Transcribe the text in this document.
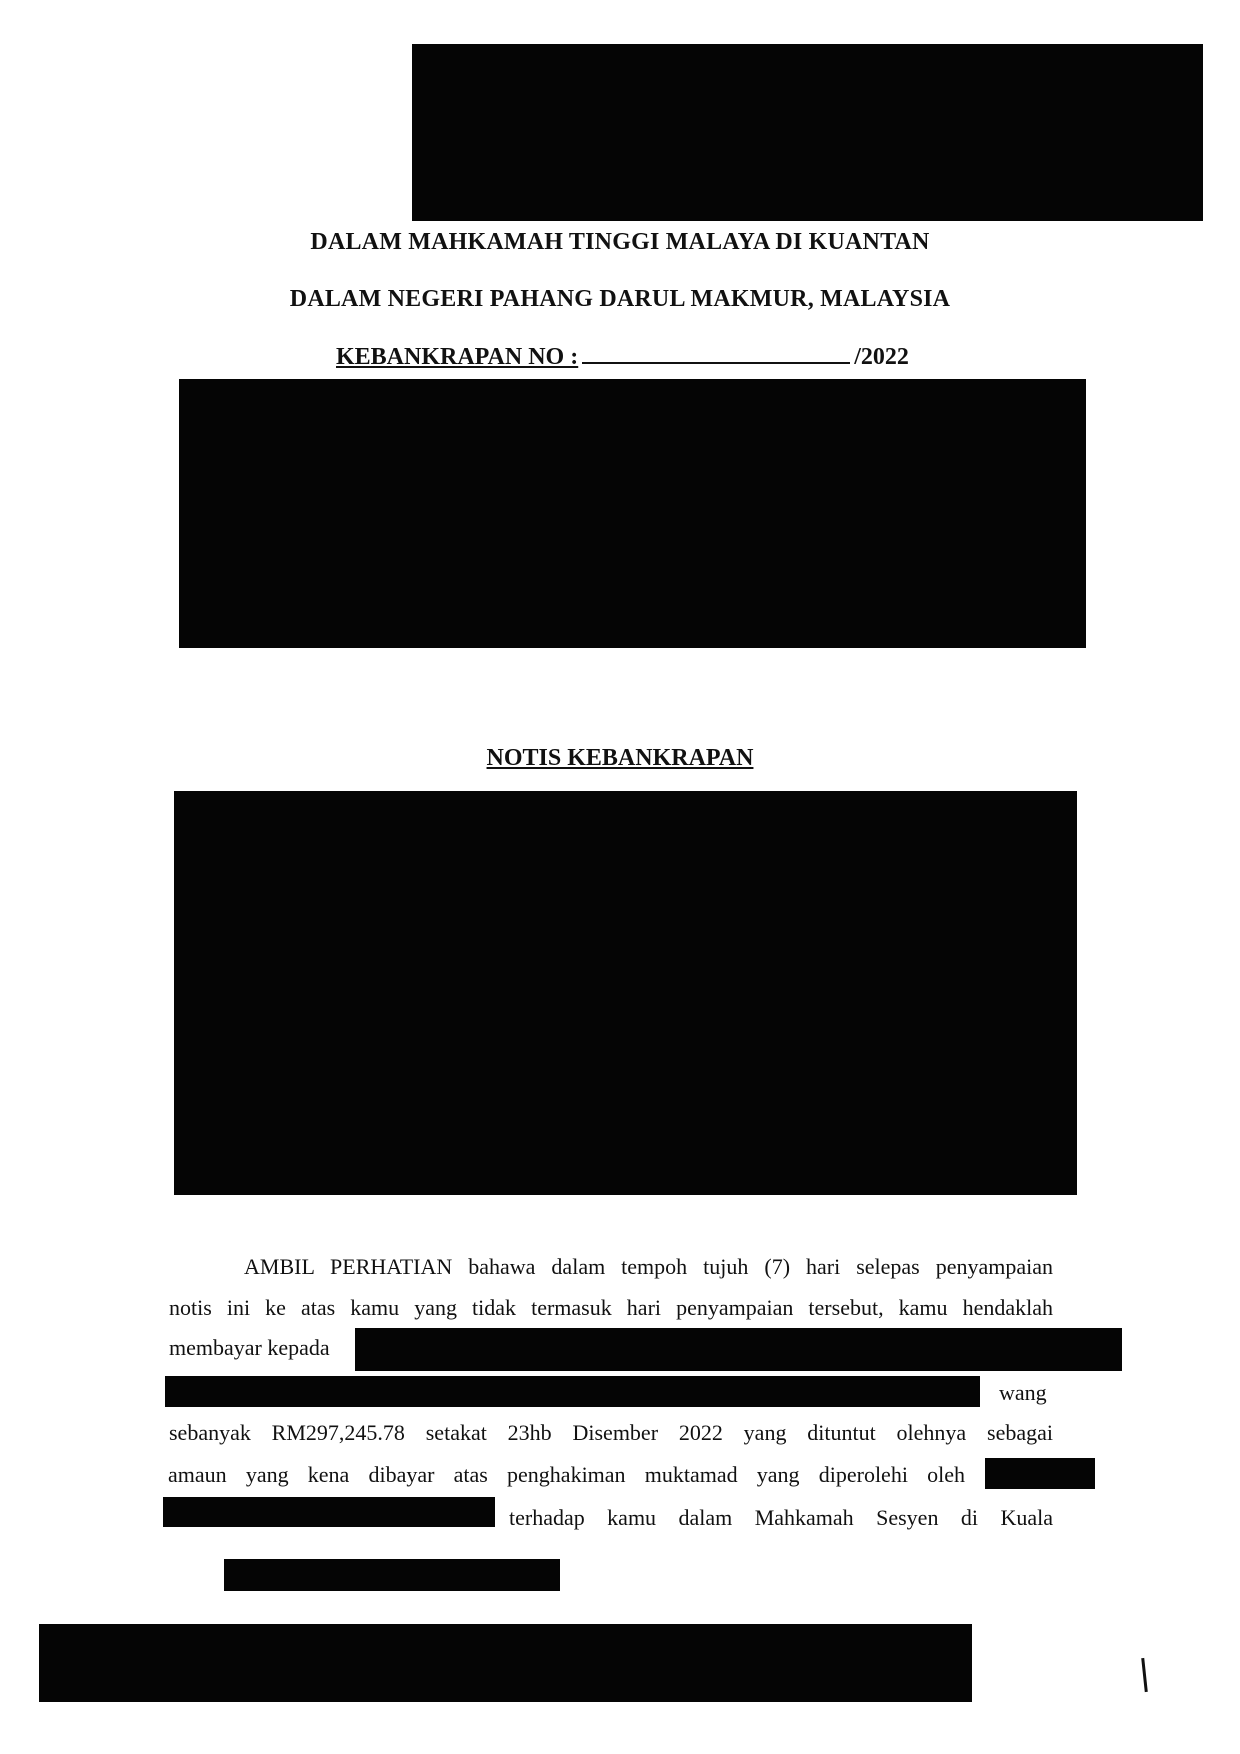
DALAM MAHKAMAH TINGGI MALAYA DI KUANTAN
DALAM NEGERI PAHANG DARUL MAKMUR, MALAYSIA
KEBANKRAPAN NO :	/2022
NOTIS KEBANKRAPAN
AMBIL PERHATIAN bahawa dalam tempoh tujuh (7) hari selepas penyampaian
notis ini ke atas kamu yang tidak termasuk hari penyampaian tersebut, kamu hendaklah
membayar kepada
wang
sebanyak RM297,245.78 setakat 23hb Disember 2022 yang dituntut olehnya sebagai
amaun yang kena dibayar atas penghakiman muktamad yang diperolehi oleh
terhadap kamu dalam Mahkamah Sesyen di Kuala
